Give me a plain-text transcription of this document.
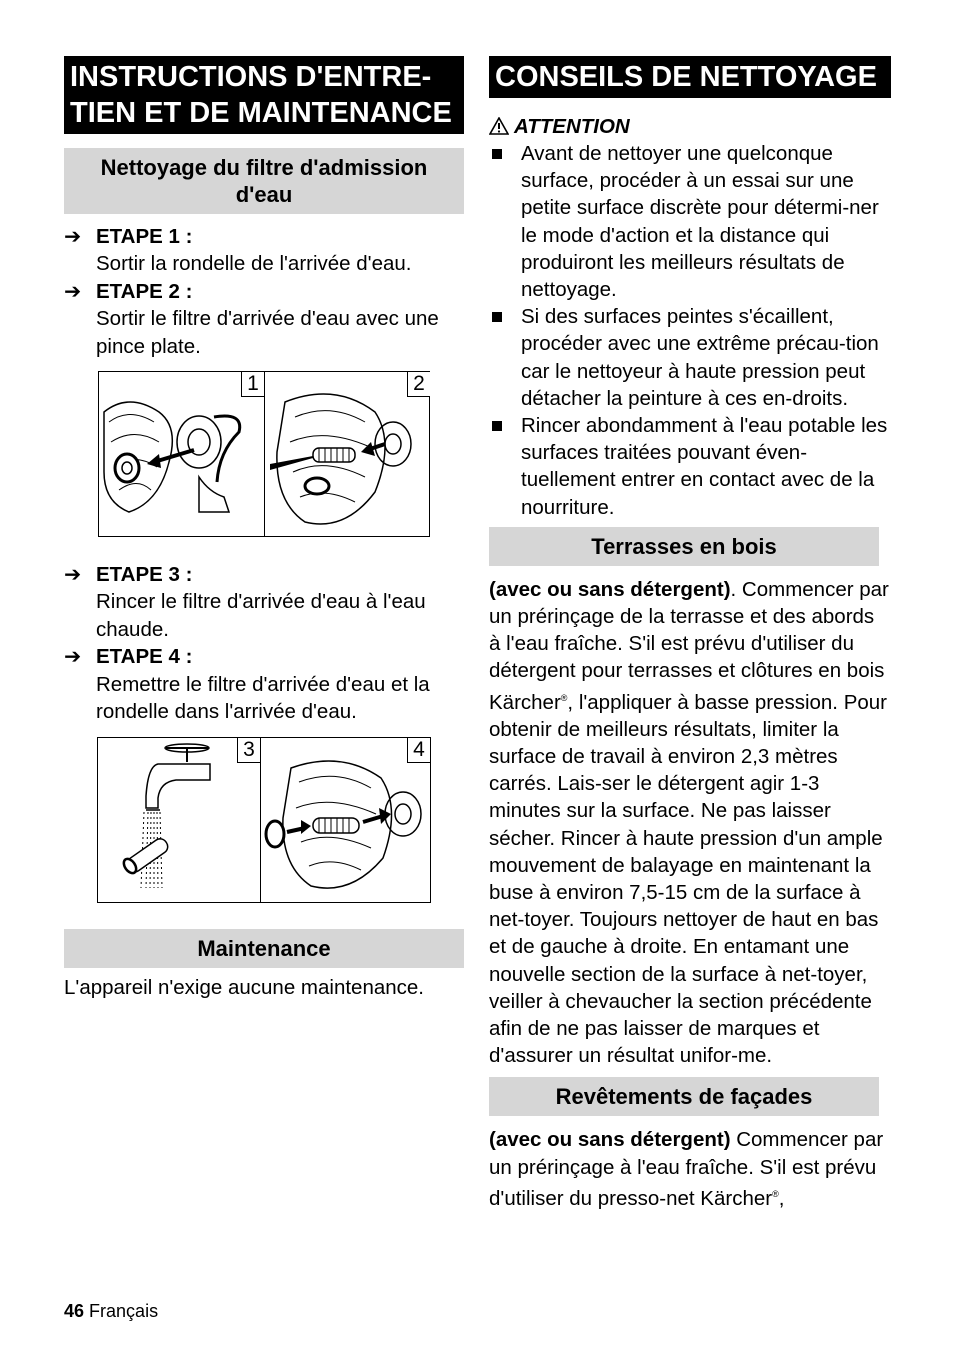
INSTRUCTIONS D'ENTRE-TIEN ET DE MAINTENANCE
Nettoyage du filtre d'admission d'eau
➔ ETAPE 1 :
Sortir la rondelle de l'arrivée d'eau.
➔ ETAPE 2 :
Sortir le filtre d'arrivée d'eau avec une pince plate.
1	2
➔ ETAPE 3 :
Rincer le filtre d'arrivée d'eau à l'eau chaude.
➔ ETAPE 4 :
Remettre le filtre d'arrivée d'eau et la rondelle dans l'arrivée d'eau.
3	4
Maintenance
L'appareil n'exige aucune maintenance.
CONSEILS DE NETTOYAGE
ATTENTION
Avant de nettoyer une quelconque surface, procéder à un essai sur une petite surface discrète pour détermi-ner le mode d'action et la distance qui produiront les meilleurs résultats de nettoyage.
Si des surfaces peintes s'écaillent, procéder avec une extrême précau-tion car le nettoyeur à haute pression peut détacher la peinture à ces en-droits.
Rincer abondamment à l'eau potable les surfaces traitées pouvant éven-tuellement entrer en contact avec de la nourriture.
Terrasses en bois
(avec ou sans détergent). Commencer par un prérinçage de la terrasse et des abords à l'eau fraîche. S'il est prévu d'utiliser du détergent pour terrasses et clôtures en bois Kärcher®, l'appliquer à basse pression. Pour obtenir de meilleurs résultats, limiter la surface de travail à environ 2,3 mètres carrés. Lais-ser le détergent agir 1-3 minutes sur la surface. Ne pas laisser sécher. Rincer à haute pression d'un ample mouvement de balayage en maintenant la buse à environ 7,5-15 cm de la surface à net-toyer. Toujours nettoyer de haut en bas et de gauche à droite. En entamant une nouvelle section de la surface à net-toyer, veiller à chevaucher la section précédente afin de ne pas laisser de marques et d'assurer un résultat unifor-me.
Revêtements de façades
(avec ou sans détergent) Commencer par un prérinçage à l'eau fraîche. S'il est prévu d'utiliser du presso-net Kärcher®,
46 Français
